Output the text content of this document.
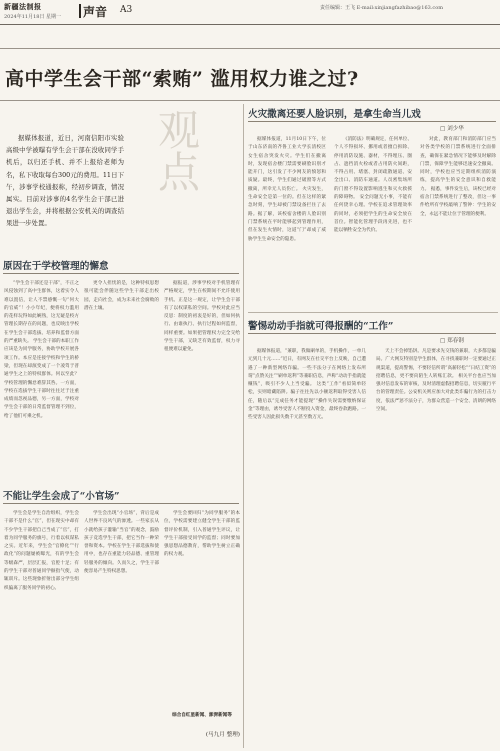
新疆法制报
2024年11月18日 星期一 声音 A3	责任编辑：王飞 E-mail:xinjiangfazhibao@163.com
高中学生会干部“索贿” 滥用权力谁之过?
据媒体报道，近日，河南信阳市实验高级中学被曝有学生会干部在没收同学手机后，以归还手机、并不上报给老师为名，私下收取每台300元的费用。11日下午，涉事学校通报称，经初步调查，情况属实。目前对涉事的4名学生会干部已进退出学生会，并将根据公安机关的调查结果进一步处置。
观点	火灾撒离还要人脸识别，是拿生命当儿戏
□ 刘少华
据媒体报道，11月10日下午，位于山东济南的齐鲁工业大学长清校区女生宿舍突发火灾。学生们在撤离时，发现宿舍楼门禁需要刷脸识别才能开门，这引发了不少网友的愤怒和质疑。最终，学生们通过破窗等方式撤离，所幸无人员伤亡。 火灾发生，生命安全是第一位的。但在这样的紧急时刻，学生却被门禁设备拦住了去路。据了解，该校宿舍楼的人脸识别门禁系统在平时能够起到管理作用，但在发生火情时，这道“门”却成了威胁学生生命安全的隐患。
《消防法》明确规定，任何单位、个人不得损坏、挪用或者擅自拆除、停用消防设施、器材，不得埋压、圈占、遮挡消火栓或者占用防火间距，不得占用、堵塞、封闭疏散通道、安全出口、消防车通道。人员密集场所的门窗不得设置影响逃生和灭火救援的障碍物。 安全问题无小事，不能有任何侥幸心理。学校在追求管理效率的同时，必须把学生的生命安全放在首位。智能化管理手段再先进，也不能以牺牲安全为代价。
对此，教育部门和消防部门应当对各类学校的门禁系统进行全面排查，确保在紧急情况下能够及时解除门禁，保障学生能够迅速安全撤离。同时，学校也应当定期组织消防演练，提高学生的安全意识和自救能力。 据悉，事件发生后，该校已经对宿舍门禁系统进行了整改，但这一事件给所有学校敲响了警钟：学生的安全，永远不能让位于管理的便利。
警惕动动手指就可得报酬的“工作”
□ 郑春钢
据媒体报道，“兼职，我做刷单的，手机操作，一单几元到几十元……”近日，有网友在社交平台上反映，自己遭遇了一种新型网络诈骗。一些不法分子在网络上发布所谓“点赞关注”“刷单返利”等兼职信息，声称“动动手指就能赚钱”，吸引不少人上当受骗。 这类“工作”看似简单轻松，实则暗藏陷阱。骗子往往先以小额返利取得受害人信任，随后以“完成任务才能提现”“操作失误需要缴纳保证金”等理由，诱导受害人不断投入资金，最终卷款跑路。一些受害人因此损失数千元甚至数万元。
天上不会掉馅饼。凡是要求先交钱的兼职，大多都是骗局。广大网友特别是学生群体，在寻找兼职时一定要通过正规渠道，提高警惕，不要轻信所谓“高薪轻松”“日结工资”的招聘信息，更不要向陌生人转账汇款。 相关平台也应当加强对信息发布的审核，及时清理虚假招聘信息，切实履行平台的管理责任。公安机关则应加大对此类诈骗行为的打击力度，依法严惩不法分子，为群众营造一个安全、清朗的网络空间。
原因在于学校管理的懈怠
“学生会干部还是干部”，不正之风侵蚀到了高中生群体，这着实令人难以置信，让人不禁感慨一句“何大的官威”！小小年纪，便将权力滥用的花样玩得如此娴熟，这无疑是校方管理长期存在的问题，也反映出学校在学生会干部选拔、培养和监督方面的严重缺失。 学生会干部的本职工作应该是为同学服务，协助学校开展各项工作。本应是连接学校和学生的桥梁，但现在却演变成了一个凌驾于普通学生之上的特权群体。何以至此？学校管理的懈怠难辞其咎。一方面，学校在选拔学生干部时往往过于注重成绩而忽视品德，另一方面，学校对学生会干部的日常监督管理不到位，给了他们可乘之机。
更令人担忧的是，这种特权思想很可能会伴随这些学生干部走出校园，走向社会，成为未来社会腐败的潜在土壤。
据报道，涉事学校对手机管理有严格规定，学生在校期间不允许使用手机。正是这一规定，让学生会干部有了以权谋私的空间。学校对此应当反思：制度的初衷是好的，但如何执行、由谁执行、执行过程如何监督，同样重要。如果把管理权力完全交给学生干部，又缺乏有效监督，权力寻租便难以避免。
不能让学生会成了“小官场”
学生会是学生自治组织，学生会干部不是什么“官”，但在现实中却有不少学生干部把自己当成了“官”，打着为同学服务的旗号，行着以权谋私之实。近年来，学生会“官僚化”“行政化”的问题屡被曝光，有的学生会等级森严，层层汇报，官腔十足；有的学生干部对普通同学颐指气使，动辄训斥。这些现象折射出部分学生组织偏离了服务同学的初心。
学生会出现“小官场”，背后是成人世界不良风气的渗透。一些家长从小就给孩子灌输“当官”的观念，鼓励孩子竞选学生干部，把它当作一种荣誉和资本。学校在学生干部选拔和使用中，也存在重能力轻品德、重管理轻服务的倾向。久而久之，学生干部便容易产生特权思想。
学生会要回归“为同学服务”的本位，学校需要建立健全学生干部的监督评价机制，引入普通学生评议，让学生干部接受同学的监督；同时要加强思想品德教育，帮助学生树立正确的权力观。
综合自红星新闻、澎湃新闻等
(马九月 整理)
